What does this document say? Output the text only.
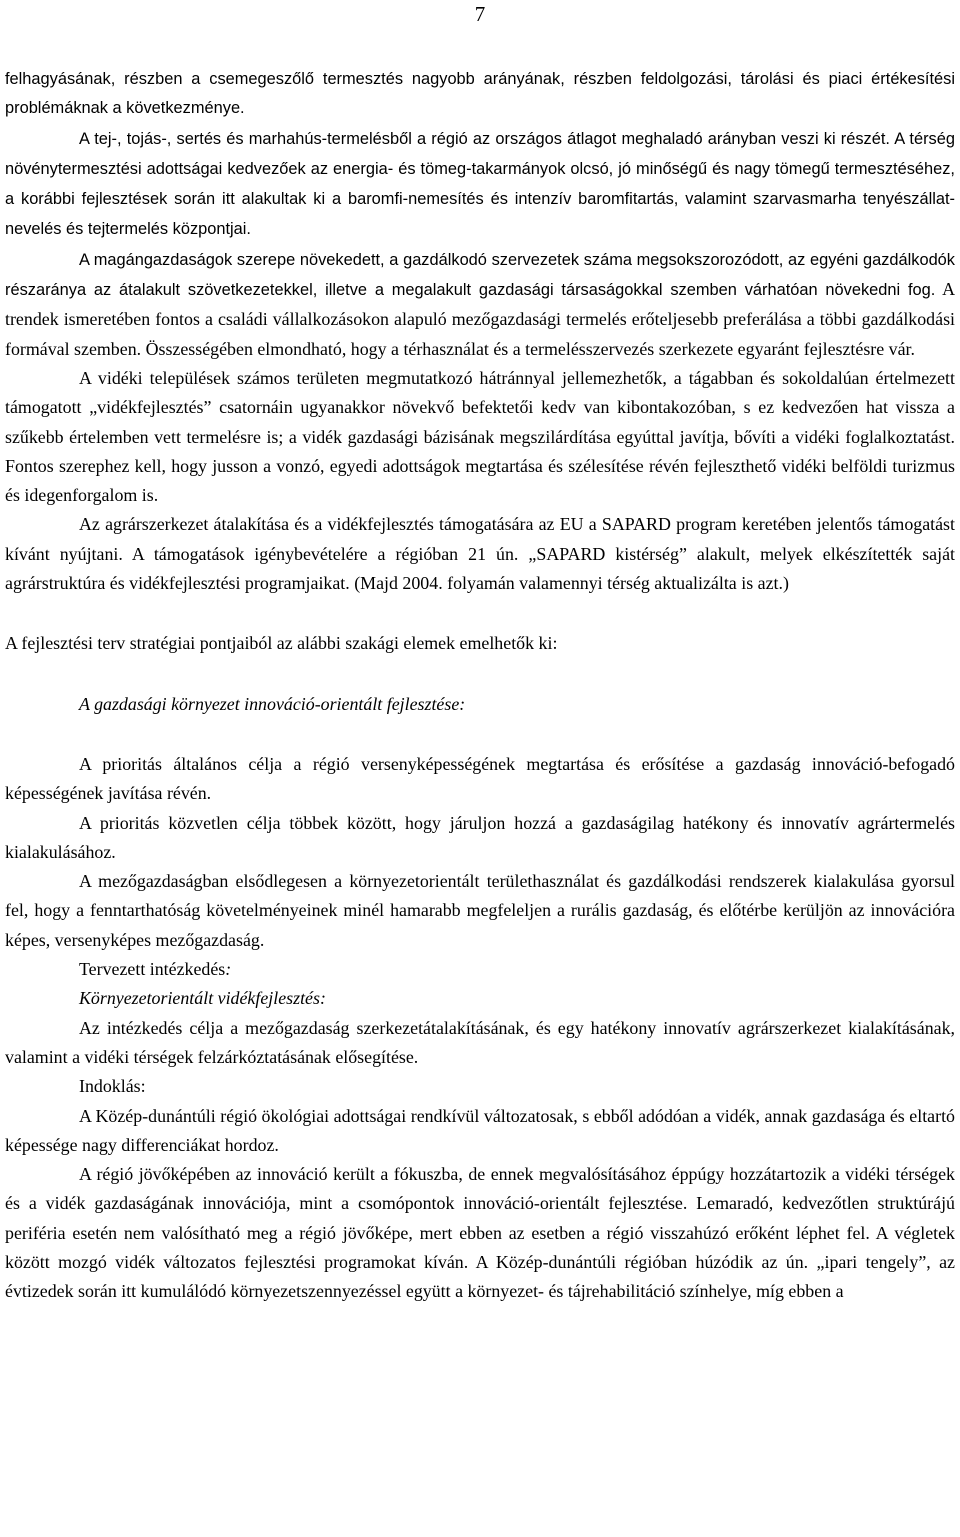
7

felhagyásának, részben a csemegeszőlő termesztés nagyobb arányának, részben feldolgozási, tárolási és piaci értékesítési problémáknak a következménye.

A tej-, tojás-, sertés és marhahús-termelésből a régió az országos átlagot meghaladó arányban veszi ki részét. A térség növénytermesztési adottságai kedvezőek az energia- és tömeg-takarmányok olcsó, jó minőségű és nagy tömegű termesztéséhez, a korábbi fejlesztések során itt alakultak ki a baromfi-nemesítés és intenzív baromfitartás, valamint szarvasmarha tenyészállat- nevelés és tejtermelés központjai.

A magángazdaságok szerepe növekedett, a gazdálkodó szervezetek száma megsokszorozódott, az egyéni gazdálkodók részaránya az átalakult szövetkezetekkel, illetve a megalakult gazdasági társaságokkal szemben várhatóan növekedni fog. A trendek ismeretében fontos a családi vállalkozásokon alapuló mezőgazdasági termelés erőteljesebb preferálása a többi gazdálkodási formával szemben. Összességében elmondható, hogy a térhasználat és a termelésszervezés szerkezete egyaránt fejlesztésre vár.

A vidéki települések számos területen megmutatkozó hátránnyal jellemezhetők, a tágabban és sokoldalúan értelmezett támogatott „vidékfejlesztés” csatornáin ugyanakkor növekvő befektetői kedv van kibontakozóban, s ez kedvezően hat vissza a szűkebb értelemben vett termelésre is; a vidék gazdasági bázisának megszilárdítása egyúttal javítja, bővíti a vidéki foglalkoztatást. Fontos szerephez kell, hogy jusson a vonzó, egyedi adottságok megtartása és szélesítése révén fejleszthető vidéki belföldi turizmus és idegenforgalom is.

Az agrárszerkezet átalakítása és a vidékfejlesztés támogatására az EU a SAPARD program keretében jelentős támogatást kívánt nyújtani. A támogatások igénybevételére a régióban 21 ún. „SAPARD kistérség” alakult, melyek elkészítették saját agrárstruktúra és vidékfejlesztési programjaikat. (Majd 2004. folyamán valamennyi térség aktualizálta is azt.)

A fejlesztési terv stratégiai pontjaiból az alábbi szakági elemek emelhetők ki:

A gazdasági környezet innováció-orientált fejlesztése:

A prioritás általános célja a régió versenyképességének megtartása és erősítése a gazdaság innováció-befogadó képességének javítása révén.

A prioritás közvetlen célja többek között, hogy járuljon hozzá a gazdaságilag hatékony és innovatív agrártermelés kialakulásához.

A mezőgazdaságban elsődlegesen a környezetorientált területhasználat és gazdálkodási rendszerek kialakulása gyorsul fel, hogy a fenntarthatóság követelményeinek minél hamarabb megfeleljen a rurális gazdaság, és előtérbe kerüljön az innovációra képes, versenyképes mezőgazdaság.

Tervezett intézkedés:

Környezetorientált vidékfejlesztés:

Az intézkedés célja a mezőgazdaság szerkezetátalakításának, és egy hatékony innovatív agrárszerkezet kialakításának, valamint a vidéki térségek felzárkóztatásának elősegítése.

Indoklás:

A Közép-dunántúli régió ökológiai adottságai rendkívül változatosak, s ebből adódóan a vidék, annak gazdasága és eltartó képessége nagy differenciákat hordoz.

A régió jövőképében az innováció került a fókuszba, de ennek megvalósításához éppúgy hozzátartozik a vidéki térségek és a vidék gazdaságának innovációja, mint a csomópontok innováció-orientált fejlesztése. Lemaradó, kedvezőtlen struktúrájú periféria esetén nem valósítható meg a régió jövőképe, mert ebben az esetben a régió visszahúzó erőként léphet fel. A végletek között mozgó vidék változatos fejlesztési programokat kíván. A Közép-dunántúli régióban húzódik az ún. „ipari tengely”, az évtizedek során itt kumulálódó környezetszennyezéssel együtt a környezet- és tájrehabilitáció színhelye, míg ebben a
